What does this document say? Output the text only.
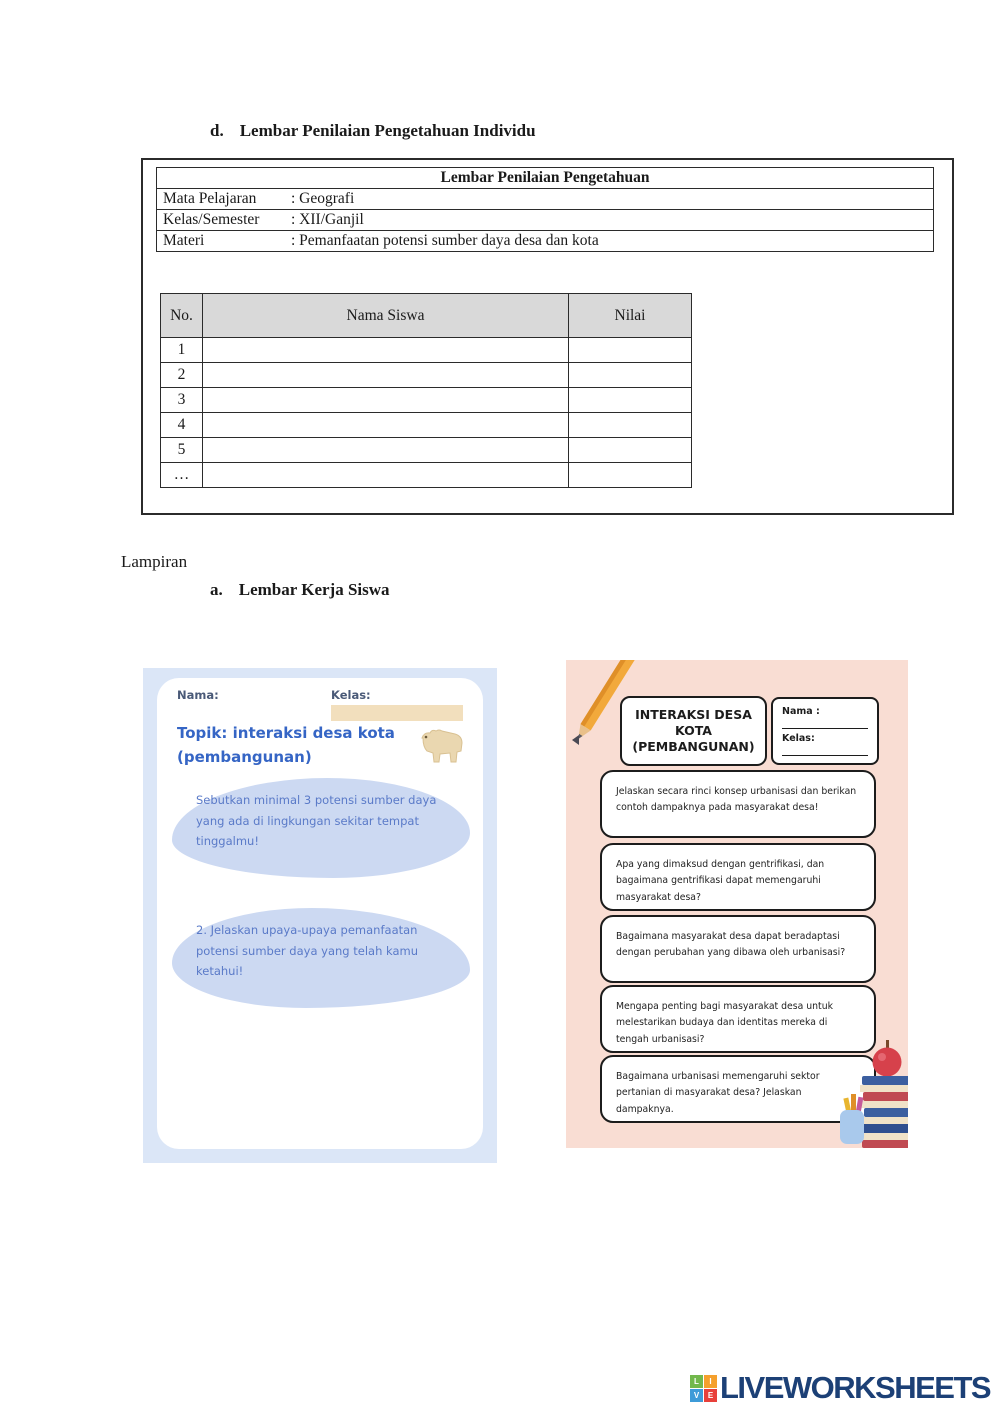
d. Lembar Penilaian Pengetahuan Individu
Lembar Penilaian Pengetahuan
Mata Pelajaran : Geografi
Kelas/Semester : XII/Ganjil
Materi	: Pemanfaatan potensi sumber daya desa dan kota
No.	Nama Siswa	Nilai
1		
2		
3		
4		
5		
…		
Lampiran
a. Lembar Kerja Siswa
Nama:	Kelas:
Topik: interaksi desa kota
(pembangunan)
Sebutkan minimal 3 potensi sumber daya yang ada di lingkungan sekitar tempat tinggalmu!
2. Jelaskan upaya-upaya pemanfaatan potensi sumber daya yang telah kamu ketahui!
INTERAKSI DESA KOTA (PEMBANGUNAN)
Nama :
Kelas:
Jelaskan secara rinci konsep urbanisasi dan berikan contoh dampaknya pada masyarakat desa!
Apa yang dimaksud dengan gentrifikasi, dan bagaimana gentrifikasi dapat memengaruhi masyarakat desa?
Bagaimana masyarakat desa dapat beradaptasi dengan perubahan yang dibawa oleh urbanisasi?
Mengapa penting bagi masyarakat desa untuk melestarikan budaya dan identitas mereka di tengah urbanisasi?
Bagaimana urbanisasi memengaruhi sektor pertanian di masyarakat desa? Jelaskan dampaknya.
L	I
V	E LIVEWORKSHEETS
